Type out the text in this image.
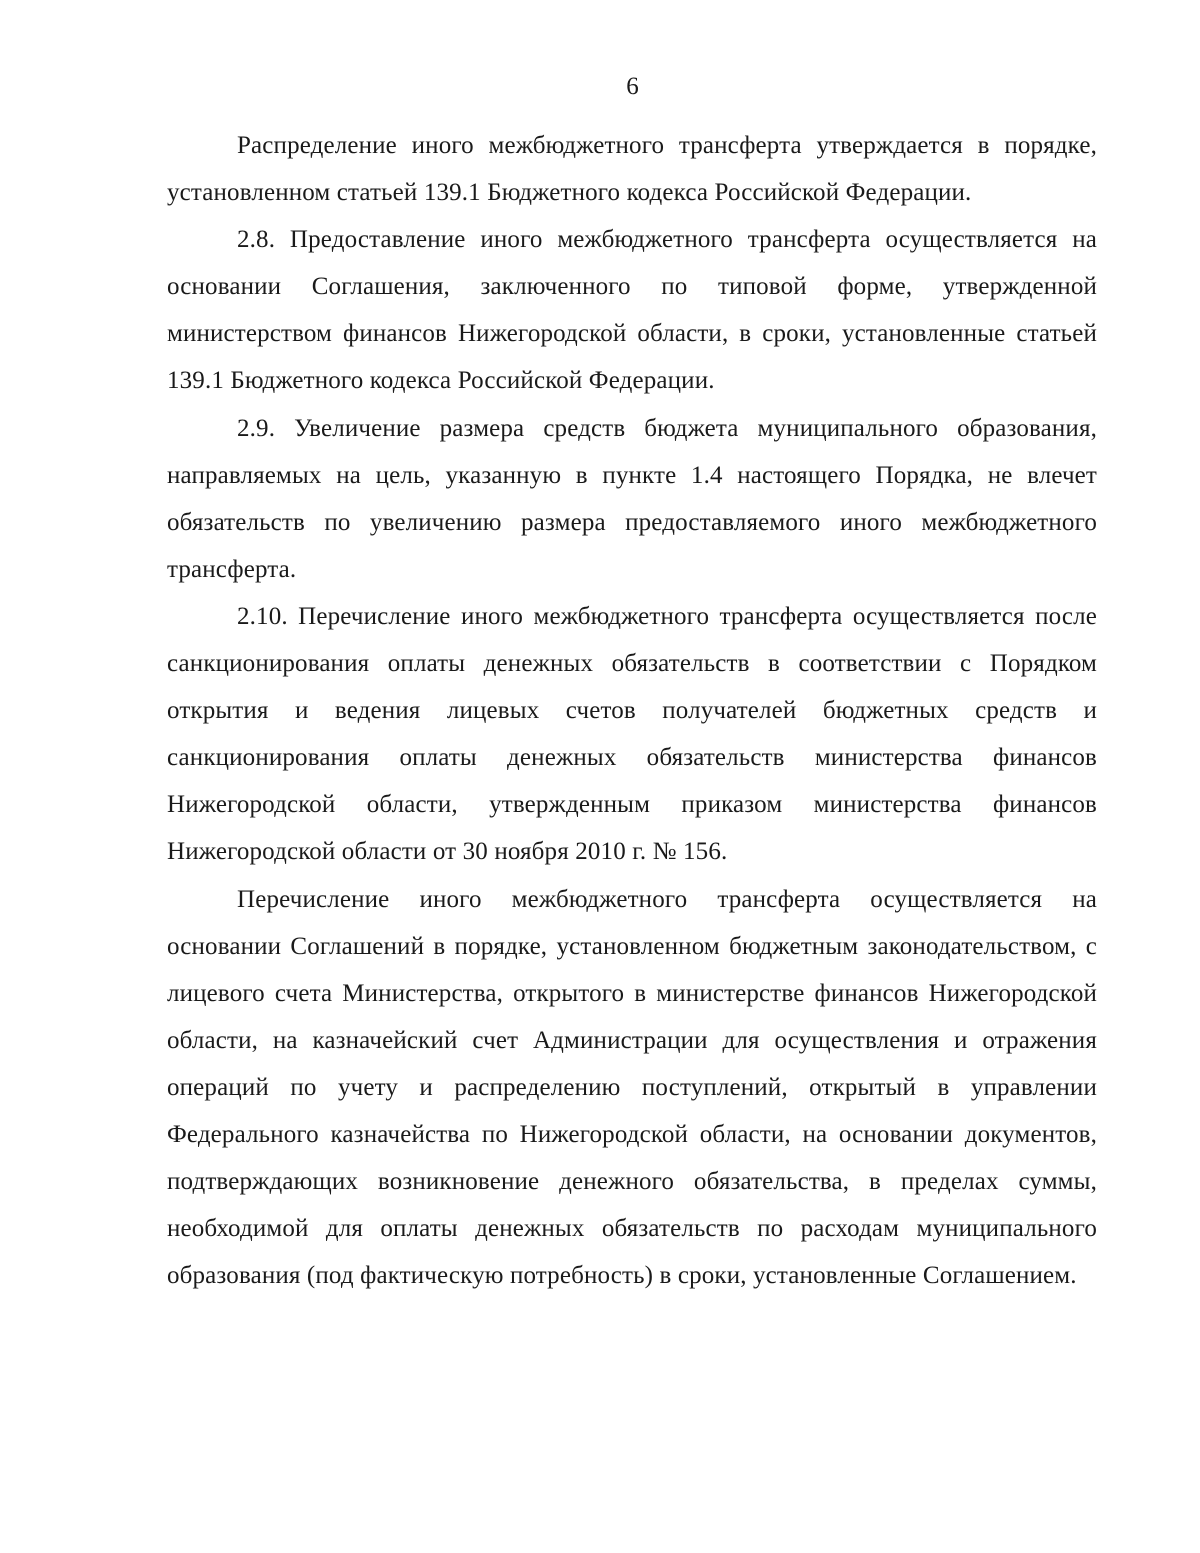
6

Распределение иного межбюджетного трансферта утверждается в порядке, установленном статьей 139.1 Бюджетного кодекса Российской Федерации.

2.8. Предоставление иного межбюджетного трансферта осуществляется на основании Соглашения, заключенного по типовой форме, утвержденной министерством финансов Нижегородской области, в сроки, установленные статьей 139.1 Бюджетного кодекса Российской Федерации.

2.9. Увеличение размера средств бюджета муниципального образования, направляемых на цель, указанную в пункте 1.4 настоящего Порядка, не влечет обязательств по увеличению размера предоставляемого иного межбюджетного трансферта.

2.10. Перечисление иного межбюджетного трансферта осуществляется после санкционирования оплаты денежных обязательств в соответствии с Порядком открытия и ведения лицевых счетов получателей бюджетных средств и санкционирования оплаты денежных обязательств министерства финансов Нижегородской области, утвержденным приказом министерства финансов Нижегородской области от 30 ноября 2010 г. № 156.

Перечисление иного межбюджетного трансферта осуществляется на основании Соглашений в порядке, установленном бюджетным законодательством, с лицевого счета Министерства, открытого в министерстве финансов Нижегородской области, на казначейский счет Администрации для осуществления и отражения операций по учету и распределению поступлений, открытый в управлении Федерального казначейства по Нижегородской области, на основании документов, подтверждающих возникновение денежного обязательства, в пределах суммы, необходимой для оплаты денежных обязательств по расходам муниципального образования (под фактическую потребность) в сроки, установленные Соглашением.
